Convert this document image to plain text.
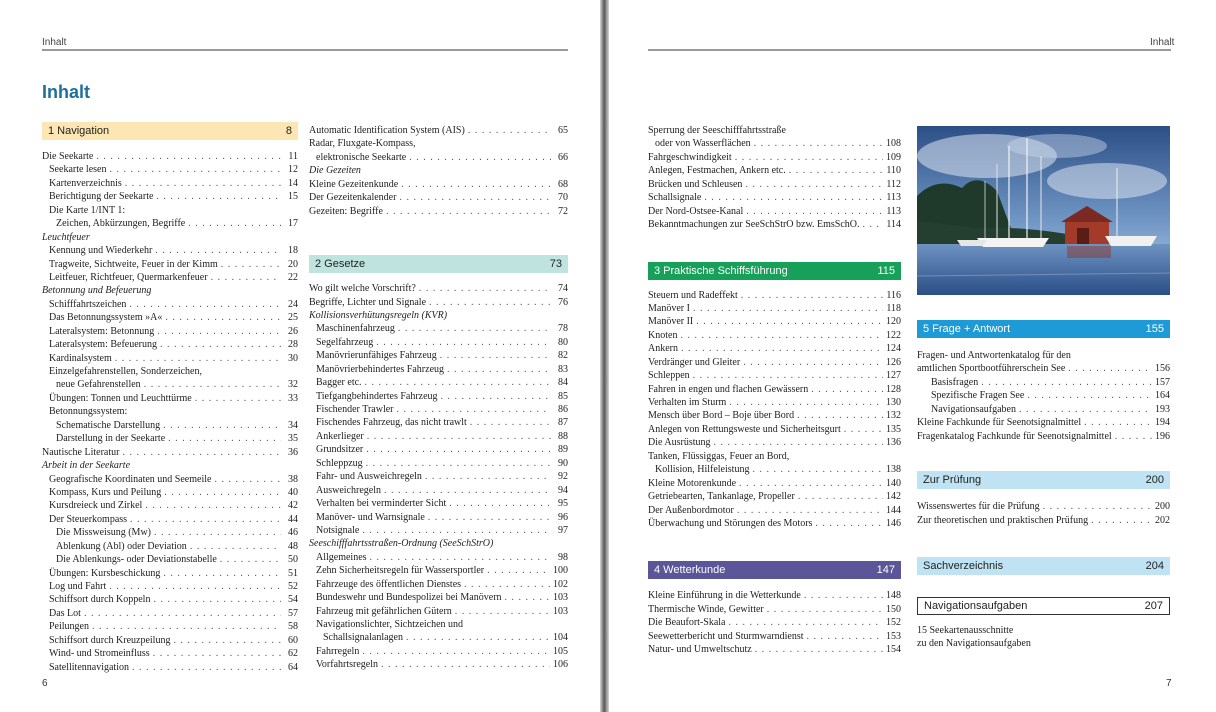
Inhalt	Inhalt
Inhalt
1 Navigation	8
Die Seekarte . . .	11
Seekarte lesen . . .	12
Kartenverzeichnis . . .	14
Berichtigung der Seekarte . . .	15
Die Karte 1/INT 1:
Zeichen, Abkürzungen, Begriffe . . .	17
Leuchtfeuer
Kennung und Wiederkehr . . .	18
Tragweite, Sichtweite, Feuer in der Kimm . . .	20
Leitfeuer, Richtfeuer, Quermarkenfeuer . . .	22
Betonnung und Befeuerung
Schifffahrtszeichen . . .	24
Das Betonnungssystem »A« . . .	25
Lateralsystem: Betonnung . . .	26
Lateralsystem: Befeuerung . . .	28
Kardinalsystem . . .	30
Einzelgefahrenstellen, Sonderzeichen,
neue Gefahrenstellen . . .	32
Übungen: Tonnen und Leuchttürme . . .	33
Betonnungssystem:
Schematische Darstellung . . .	34
Darstellung in der Seekarte . . .	35
Nautische Literatur . . .	36
Arbeit in der Seekarte
Geografische Koordinaten und Seemeile . . .	38
Kompass, Kurs und Peilung . . .	40
Kursdreieck und Zirkel . . .	42
Der Steuerkompass . . .	44
Die Missweisung (Mw) . . .	46
Ablenkung (Abl) oder Deviation . . .	48
Die Ablenkungs- oder Deviationstabelle . . .	50
Übungen: Kursbeschickung . . .	51
Log und Fahrt . . .	52
Schiffsort durch Koppeln . . .	54
Das Lot . . .	57
Peilungen . . .	58
Schiffsort durch Kreuzpeilung . . .	60
Wind- und Stromeinfluss . . .	62
Satellitennavigation . . .	64
Automatic Identification System (AIS) . . .	65
Radar, Fluxgate-Kompass,
elektronische Seekarte . . .	66
Die Gezeiten
Kleine Gezeitenkunde . . .	68
Der Gezeitenkalender . . .	70
Gezeiten: Begriffe . . .	72
2 Gesetze	73
Wo gilt welche Vorschrift? . . .	74
Begriffe, Lichter und Signale . . .	76
Kollisionsverhütungsregeln (KVR)
Maschinenfahrzeug . . .	78
Segelfahrzeug . . .	80
Manövrierunfähiges Fahrzeug . . .	82
Manövrierbehindertes Fahrzeug . . .	83
Bagger etc. . . .	84
Tiefgangbehindertes Fahrzeug . . .	85
Fischender Trawler . . .	86
Fischendes Fahrzeug, das nicht trawlt . . .	87
Ankerlieger . . .	88
Grundsitzer . . .	89
Schleppzug . . .	90
Fahr- und Ausweichregeln . . .	92
Ausweichregeln . . .	94
Verhalten bei verminderter Sicht . . .	95
Manöver- und Warnsignale . . .	96
Notsignale . . .	97
Seeschifffahrtsstraßen-Ordnung (SeeSchStrO)
Allgemeines . . .	98
Zehn Sicherheitsregeln für Wassersportler . . .	100
Fahrzeuge des öffentlichen Dienstes . . .	102
Bundeswehr und Bundespolizei bei Manövern . . .	103
Fahrzeug mit gefährlichen Gütern . . .	103
Navigationslichter, Sichtzeichen und
Schallsignalanlagen . . .	104
Fahrregeln . . .	105
Vorfahrtsregeln . . .	106
Sperrung der Seeschifffahrtsstraße
oder von Wasserflächen . . .	108
Fahrgeschwindigkeit . . .	109
Anlegen, Festmachen, Ankern etc. . . .	110
Brücken und Schleusen . . .	112
Schallsignale . . .	113
Der Nord-Ostsee-Kanal . . .	113
Bekanntmachungen zur SeeSchStrO bzw. EmsSchO. . . .	114
3 Praktische Schiffsführung	115
Steuern und Radeffekt . . .	116
Manöver I . . .	118
Manöver II . . .	120
Knoten . . .	122
Ankern . . .	124
Verdränger und Gleiter . . .	126
Schleppen . . .	127
Fahren in engen und flachen Gewässern . . .	128
Verhalten im Sturm . . .	130
Mensch über Bord – Boje über Bord . . .	132
Anlegen von Rettungsweste und Sicherheitsgurt . . .	135
Die Ausrüstung . . .	136
Tanken, Flüssiggas, Feuer an Bord,
Kollision, Hilfeleistung . . .	138
Kleine Motorenkunde . . .	140
Getriebearten, Tankanlage, Propeller . . .	142
Der Außenbordmotor . . .	144
Überwachung und Störungen des Motors . . .	146
4 Wetterkunde	147
Kleine Einführung in die Wetterkunde . . .	148
Thermische Winde, Gewitter . . .	150
Die Beaufort-Skala . . .	152
Seewetterbericht und Sturmwarndienst . . .	153
Natur- und Umweltschutz . . .	154
5 Frage + Antwort	155
Fragen- und Antwortenkatalog für den
amtlichen Sportbootführerschein See . . .	156
Basisfragen . . .	157
Spezifische Fragen See . . .	164
Navigationsaufgaben . . .	193
Kleine Fachkunde für Seenotsignalmittel . . .	194
Fragenkatalog Fachkunde für Seenotsignalmittel . . .	196
Zur Prüfung	200
Wissenswertes für die Prüfung . . .	200
Zur theoretischen und praktischen Prüfung . . .	202
Sachverzeichnis	204
Navigationsaufgaben	207
15 Seekartenausschnitte
zu den Navigationsaufgaben
6	7
